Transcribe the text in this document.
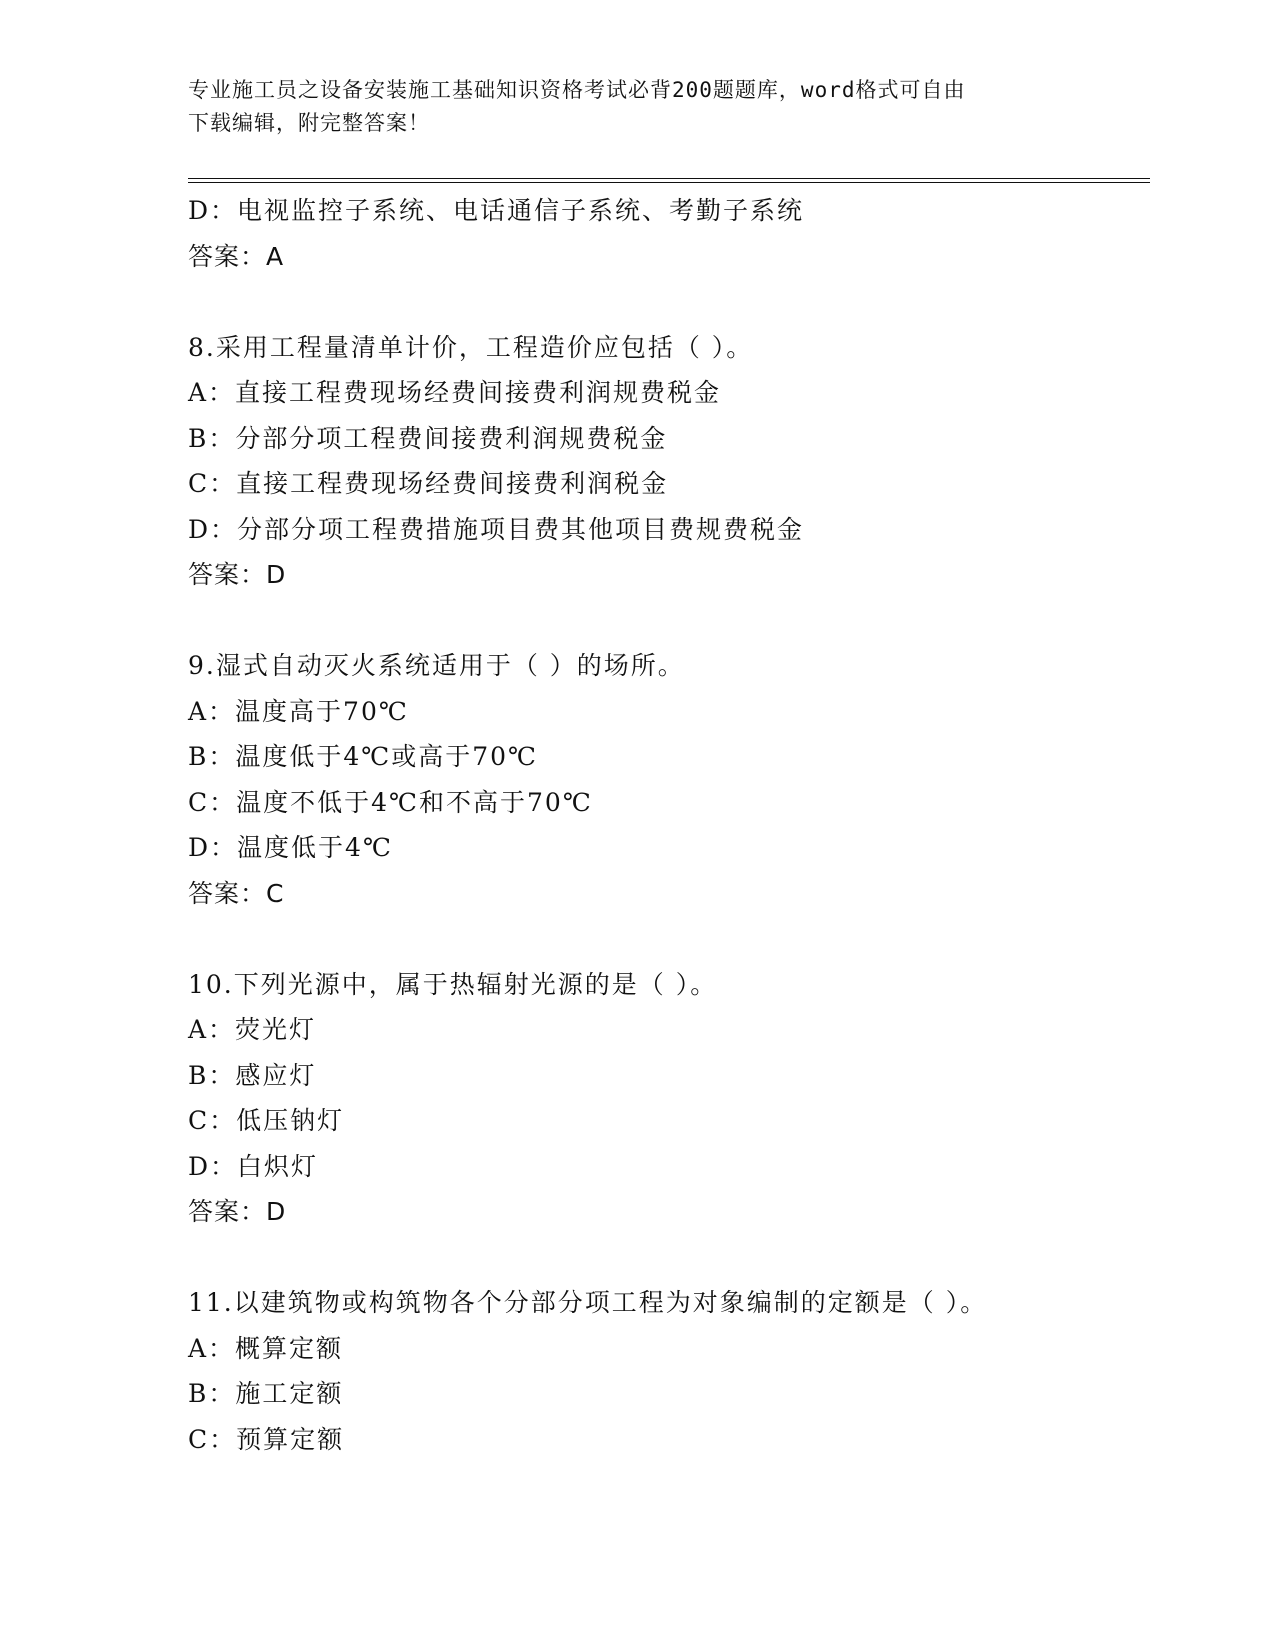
专业施工员之设备安装施工基础知识资格考试必背200题题库，word格式可自由
下载编辑，附完整答案！
D：电视监控子系统、电话通信子系统、考勤子系统
答案：A
8.采用工程量清单计价，工程造价应包括（ ）。
A：直接工程费现场经费间接费利润规费税金
B：分部分项工程费间接费利润规费税金
C：直接工程费现场经费间接费利润税金
D：分部分项工程费措施项目费其他项目费规费税金
答案：D
9.湿式自动灭火系统适用于（ ）的场所。
A：温度高于70℃
B：温度低于4℃或高于70℃
C：温度不低于4℃和不高于70℃
D：温度低于4℃
答案：C
10.下列光源中，属于热辐射光源的是（ ）。
A：荧光灯
B：感应灯
C：低压钠灯
D：白炽灯
答案：D
11.以建筑物或构筑物各个分部分项工程为对象编制的定额是（ ）。
A：概算定额
B：施工定额
C：预算定额
